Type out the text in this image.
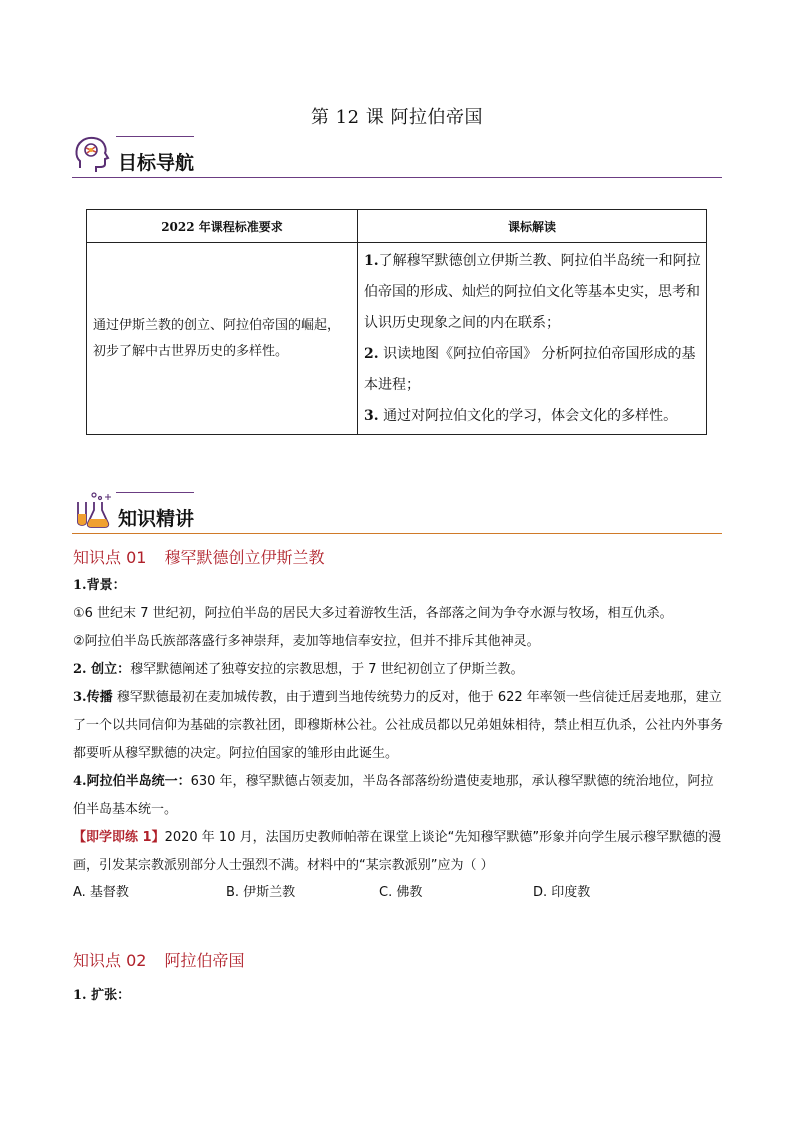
第 12 课 阿拉伯帝国
目标导航
2022 年课程标准要求	课标解读
通过伊斯兰教的创立、阿拉伯帝国的崛起，初步了解中古世界历史的多样性。	1.了解穆罕默德创立伊斯兰教、阿拉伯半岛统一和阿拉伯帝国的形成、灿烂的阿拉伯文化等基本史实，思考和认识历史现象之间的内在联系；

2. 识读地图《阿拉伯帝国》 分析阿拉伯帝国形成的基本进程；

3. 通过对阿拉伯文化的学习，体会文化的多样性。

知识精讲
知识点 01 穆罕默德创立伊斯兰教

1.背景：

①6 世纪末 7 世纪初，阿拉伯半岛的居民大多过着游牧生活，各部落之间为争夺水源与牧场，相互仇杀。

②阿拉伯半岛氏族部落盛行多神崇拜，麦加等地信奉安拉，但并不排斥其他神灵。

2. 创立：穆罕默德阐述了独尊安拉的宗教思想，于 7 世纪初创立了伊斯兰教。

3.传播 穆罕默德最初在麦加城传教，由于遭到当地传统势力的反对，他于 622 年率领一些信徒迁居麦地那，建立了一个以共同信仰为基础的宗教社团，即穆斯林公社。公社成员都以兄弟姐妹相待，禁止相互仇杀，公社内外事务都要听从穆罕默德的决定。阿拉伯国家的雏形由此诞生。

4.阿拉伯半岛统一：630 年，穆罕默德占领麦加，半岛各部落纷纷遣使麦地那，承认穆罕默德的统治地位，阿拉伯半岛基本统一。

【即学即练 1】2020 年 10 月，法国历史教师帕蒂在课堂上谈论“先知穆罕默德”形象并向学生展示穆罕默德的漫画，引发某宗教派别部分人士强烈不满。材料中的“某宗教派别”应为（ ）

A. 基督教	B. 伊斯兰教	C. 佛教	D. 印度教
知识点 02 阿拉伯帝国

1. 扩张：
